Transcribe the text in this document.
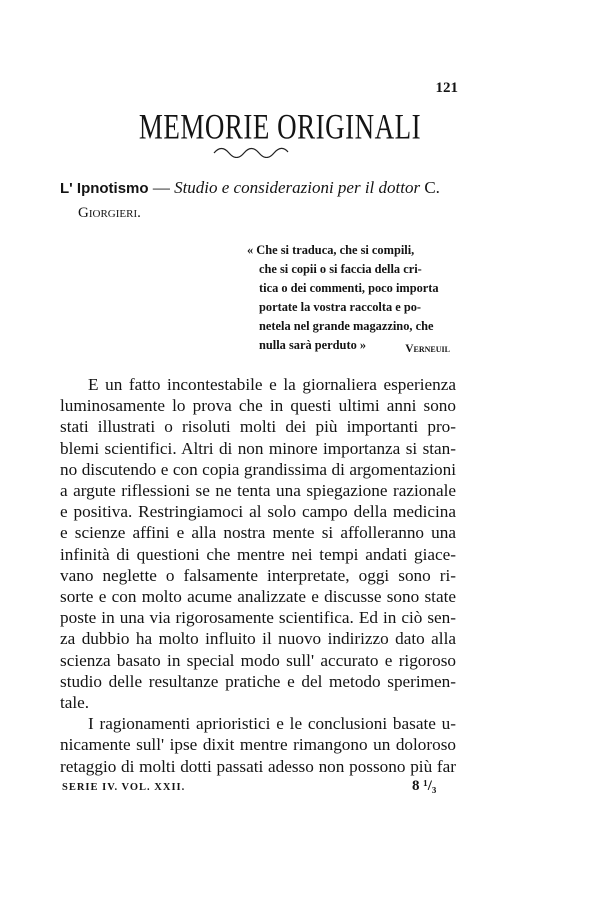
121
MEMORIE ORIGINALI
L' Ipnotismo — Studio e considerazioni per il dottor C.
Giorgieri.
« Che si traduca, che si compili,
che si copii o si faccia della cri-
tica o dei commenti, poco importa
portate la vostra raccolta e po-
netela nel grande magazzino, che
nulla sarà perduto »	Verneuil
E un fatto incontestabile e la giornaliera esperienza
luminosamente lo prova che in questi ultimi anni sono
stati illustrati o risoluti molti dei più importanti pro-
blemi scientifici. Altri di non minore importanza si stan-
no discutendo e con copia grandissima di argomentazioni
a argute riflessioni se ne tenta una spiegazione razionale
e positiva. Restringiamoci al solo campo della medicina
e scienze affini e alla nostra mente si affolleranno una
infinità di questioni che mentre nei tempi andati giace-
vano neglette o falsamente interpretate, oggi sono ri-
sorte e con molto acume analizzate e discusse sono state
poste in una via rigorosamente scientifica. Ed in ciò sen-
za dubbio ha molto influito il nuovo indirizzo dato alla
scienza basato in special modo sull' accurato e rigoroso
studio delle resultanze pratiche e del metodo sperimen-
tale.
I ragionamenti aprioristici e le conclusioni basate u-
nicamente sull' ipse dixit mentre rimangono un doloroso
retaggio di molti dotti passati adesso non possono più far
SERIE IV. VOL. XXII.	8 ¹/₃
